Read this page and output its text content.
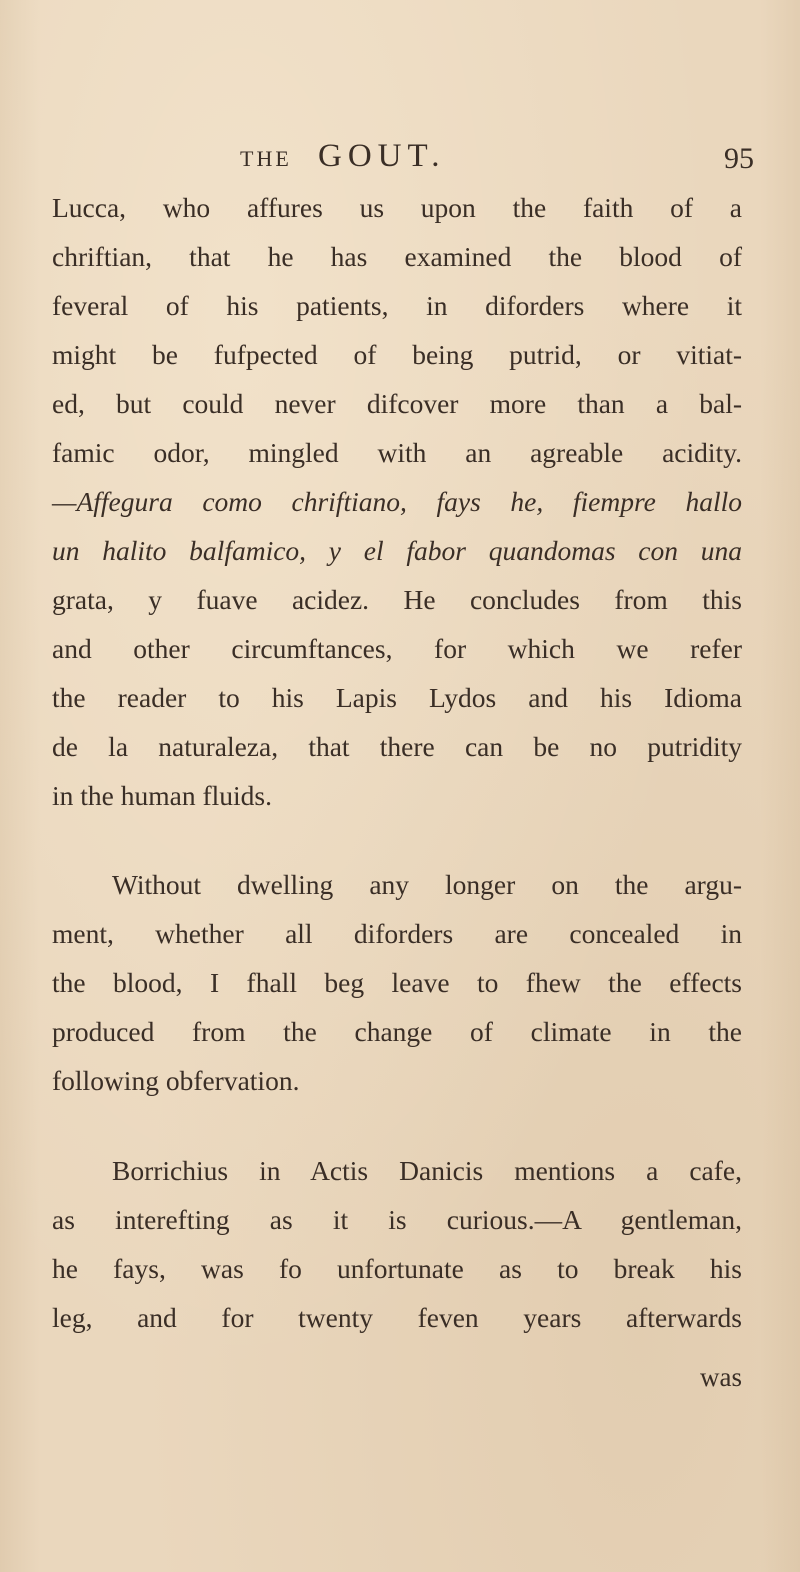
THE GOUT.	95
Lucca, who affures us upon the faith of a
chriftian, that he has examined the blood of
feveral of his patients, in diforders where it
might be fufpected of being putrid, or vitiat-
ed, but could never difcover more than a bal-
famic odor, mingled with an agreable acidity.
—Affegura como chriftiano, fays he, fiempre hallo
un halito balfamico, y el fabor quandomas con una
grata, y fuave acidez. He concludes from this
and other circumftances, for which we refer
the reader to his Lapis Lydos and his Idioma
de la naturaleza, that there can be no putridity
in the human fluids.
Without dwelling any longer on the argu-
ment, whether all diforders are concealed in
the blood, I fhall beg leave to fhew the effects
produced from the change of climate in the
following obfervation.
Borrichius in Actis Danicis mentions a cafe,
as interefting as it is curious.—A gentleman,
he fays, was fo unfortunate as to break his
leg, and for twenty feven years afterwards
was
